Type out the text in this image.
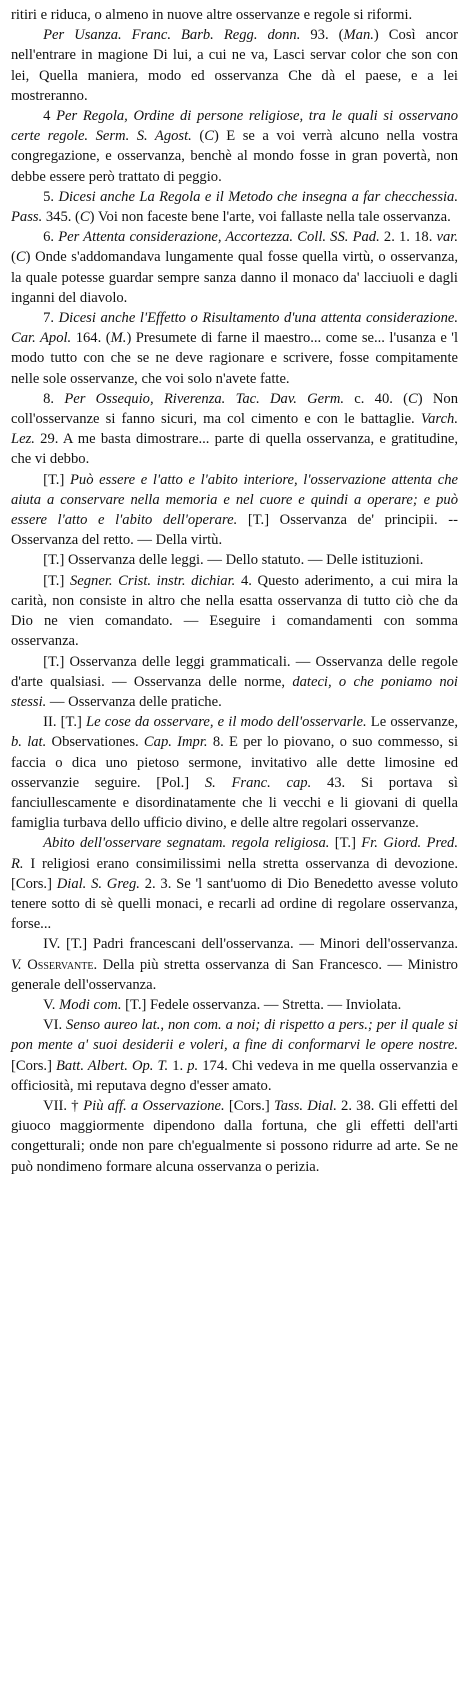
ritiri e riduca, o almeno in nuove altre osservanze e regole si riformi.

Per Usanza. Franc. Barb. Regg. donn. 93. (Man.) Così ancor nell'entrare in magione Di lui, a cui ne va, Lasci servar color che son con lei, Quella maniera, modo ed osservanza Che dà el paese, e a lei mostreranno.

4 Per Regola, Ordine di persone religiose, tra le quali si osservano certe regole. Serm. S. Agost. (C) E se a voi verrà alcuno nella vostra congregazione, e osservanza, benchè al mondo fosse in gran povertà, non debbe essere però trattato di peggio.

5. Dicesi anche La Regola e il Metodo che insegna a far checchessia. Pass. 345. (C) Voi non faceste bene l'arte, voi fallaste nella tale osservanza.

6. Per Attenta considerazione, Accortezza. Coll. SS. Pad. 2. 1. 18. var. (C) Onde s'addomandava lungamente qual fosse quella virtù, o osservanza, la quale potesse guardar sempre sanza danno il monaco da' lacciuoli e dagli inganni del diavolo.

7. Dicesi anche l'Effetto o Risultamento d'una attenta considerazione. Car. Apol. 164. (M.) Presumete di farne il maestro... come se... l'usanza e 'l modo tutto con che se ne deve ragionare e scrivere, fosse compitamente nelle sole osservanze, che voi solo n'avete fatte.

8. Per Ossequio, Riverenza. Tac. Dav. Germ. c. 40. (C) Non coll'osservanze si fanno sicuri, ma col cimento e con le battaglie. Varch. Lez. 29. A me basta dimostrare... parte di quella osservanza, e gratitudine, che vi debbo.

[T.] Può essere e l'atto e l'abito interiore, l'osservazione attenta che aiuta a conservare nella memoria e nel cuore e quindi a operare; e può essere l'atto e l'abito dell'operare. [T.] Osservanza de' principii. -- Osservanza del retto. — Della virtù.

[T.] Osservanza delle leggi. — Dello statuto. — Delle istituzioni.

[T.] Segner. Crist. instr. dichiar. 4. Questo aderimento, a cui mira la carità, non consiste in altro che nella esatta osservanza di tutto ciò che da Dio ne vien comandato. — Eseguire i comandamenti con somma osservanza.

[T.] Osservanza delle leggi grammaticali. — Osservanza delle regole d'arte qualsiasi. — Osservanza delle norme, dateci, o che poniamo noi stessi. — Osservanza delle pratiche.

II. [T.] Le cose da osservare, e il modo dell'osservarle. Le osservanze, b. lat. Observationes. Cap. Impr. 8. E per lo piovano, o suo commesso, si faccia o dica uno pietoso sermone, invitativo alle dette limosine ed osservanzie seguire. [Pol.] S. Franc. cap. 43. Si portava sì fanciullescamente e disordinatamente che li vecchi e li giovani di quella famiglia turbava dello ufficio divino, e delle altre regolari osservanze.

Abito dell'osservare segnatam. regola religiosa. [T.] Fr. Giord. Pred. R. I religiosi erano consimilissimi nella stretta osservanza di devozione. [Cors.] Dial. S. Greg. 2. 3. Se 'l sant'uomo di Dio Benedetto avesse voluto tenere sotto di sè quelli monaci, e recarli ad ordine di regolare osservanza, forse...

IV. [T.] Padri francescani dell'osservanza. — Minori dell'osservanza. V. Osservante. Della più stretta osservanza di San Francesco. — Ministro generale dell'osservanza.

V. Modi com. [T.] Fedele osservanza. — Stretta. — Inviolata.

VI. Senso aureo lat., non com. a noi; di rispetto a pers.; per il quale si pon mente a' suoi desiderii e voleri, a fine di conformarvi le opere nostre. [Cors.] Batt. Albert. Op. T. 1. p. 174. Chi vedeva in me quella osservanzia e officiosità, mi reputava degno d'esser amato.

VII. † Più aff. a Osservazione. [Cors.] Tass. Dial. 2. 38. Gli effetti del giuoco maggiormente dipendono dalla fortuna, che gli effetti dell'arti congetturali; onde non pare ch'egualmente si possono ridurre ad arte. Se ne può nondimeno formare alcuna osservanza o perizia.
